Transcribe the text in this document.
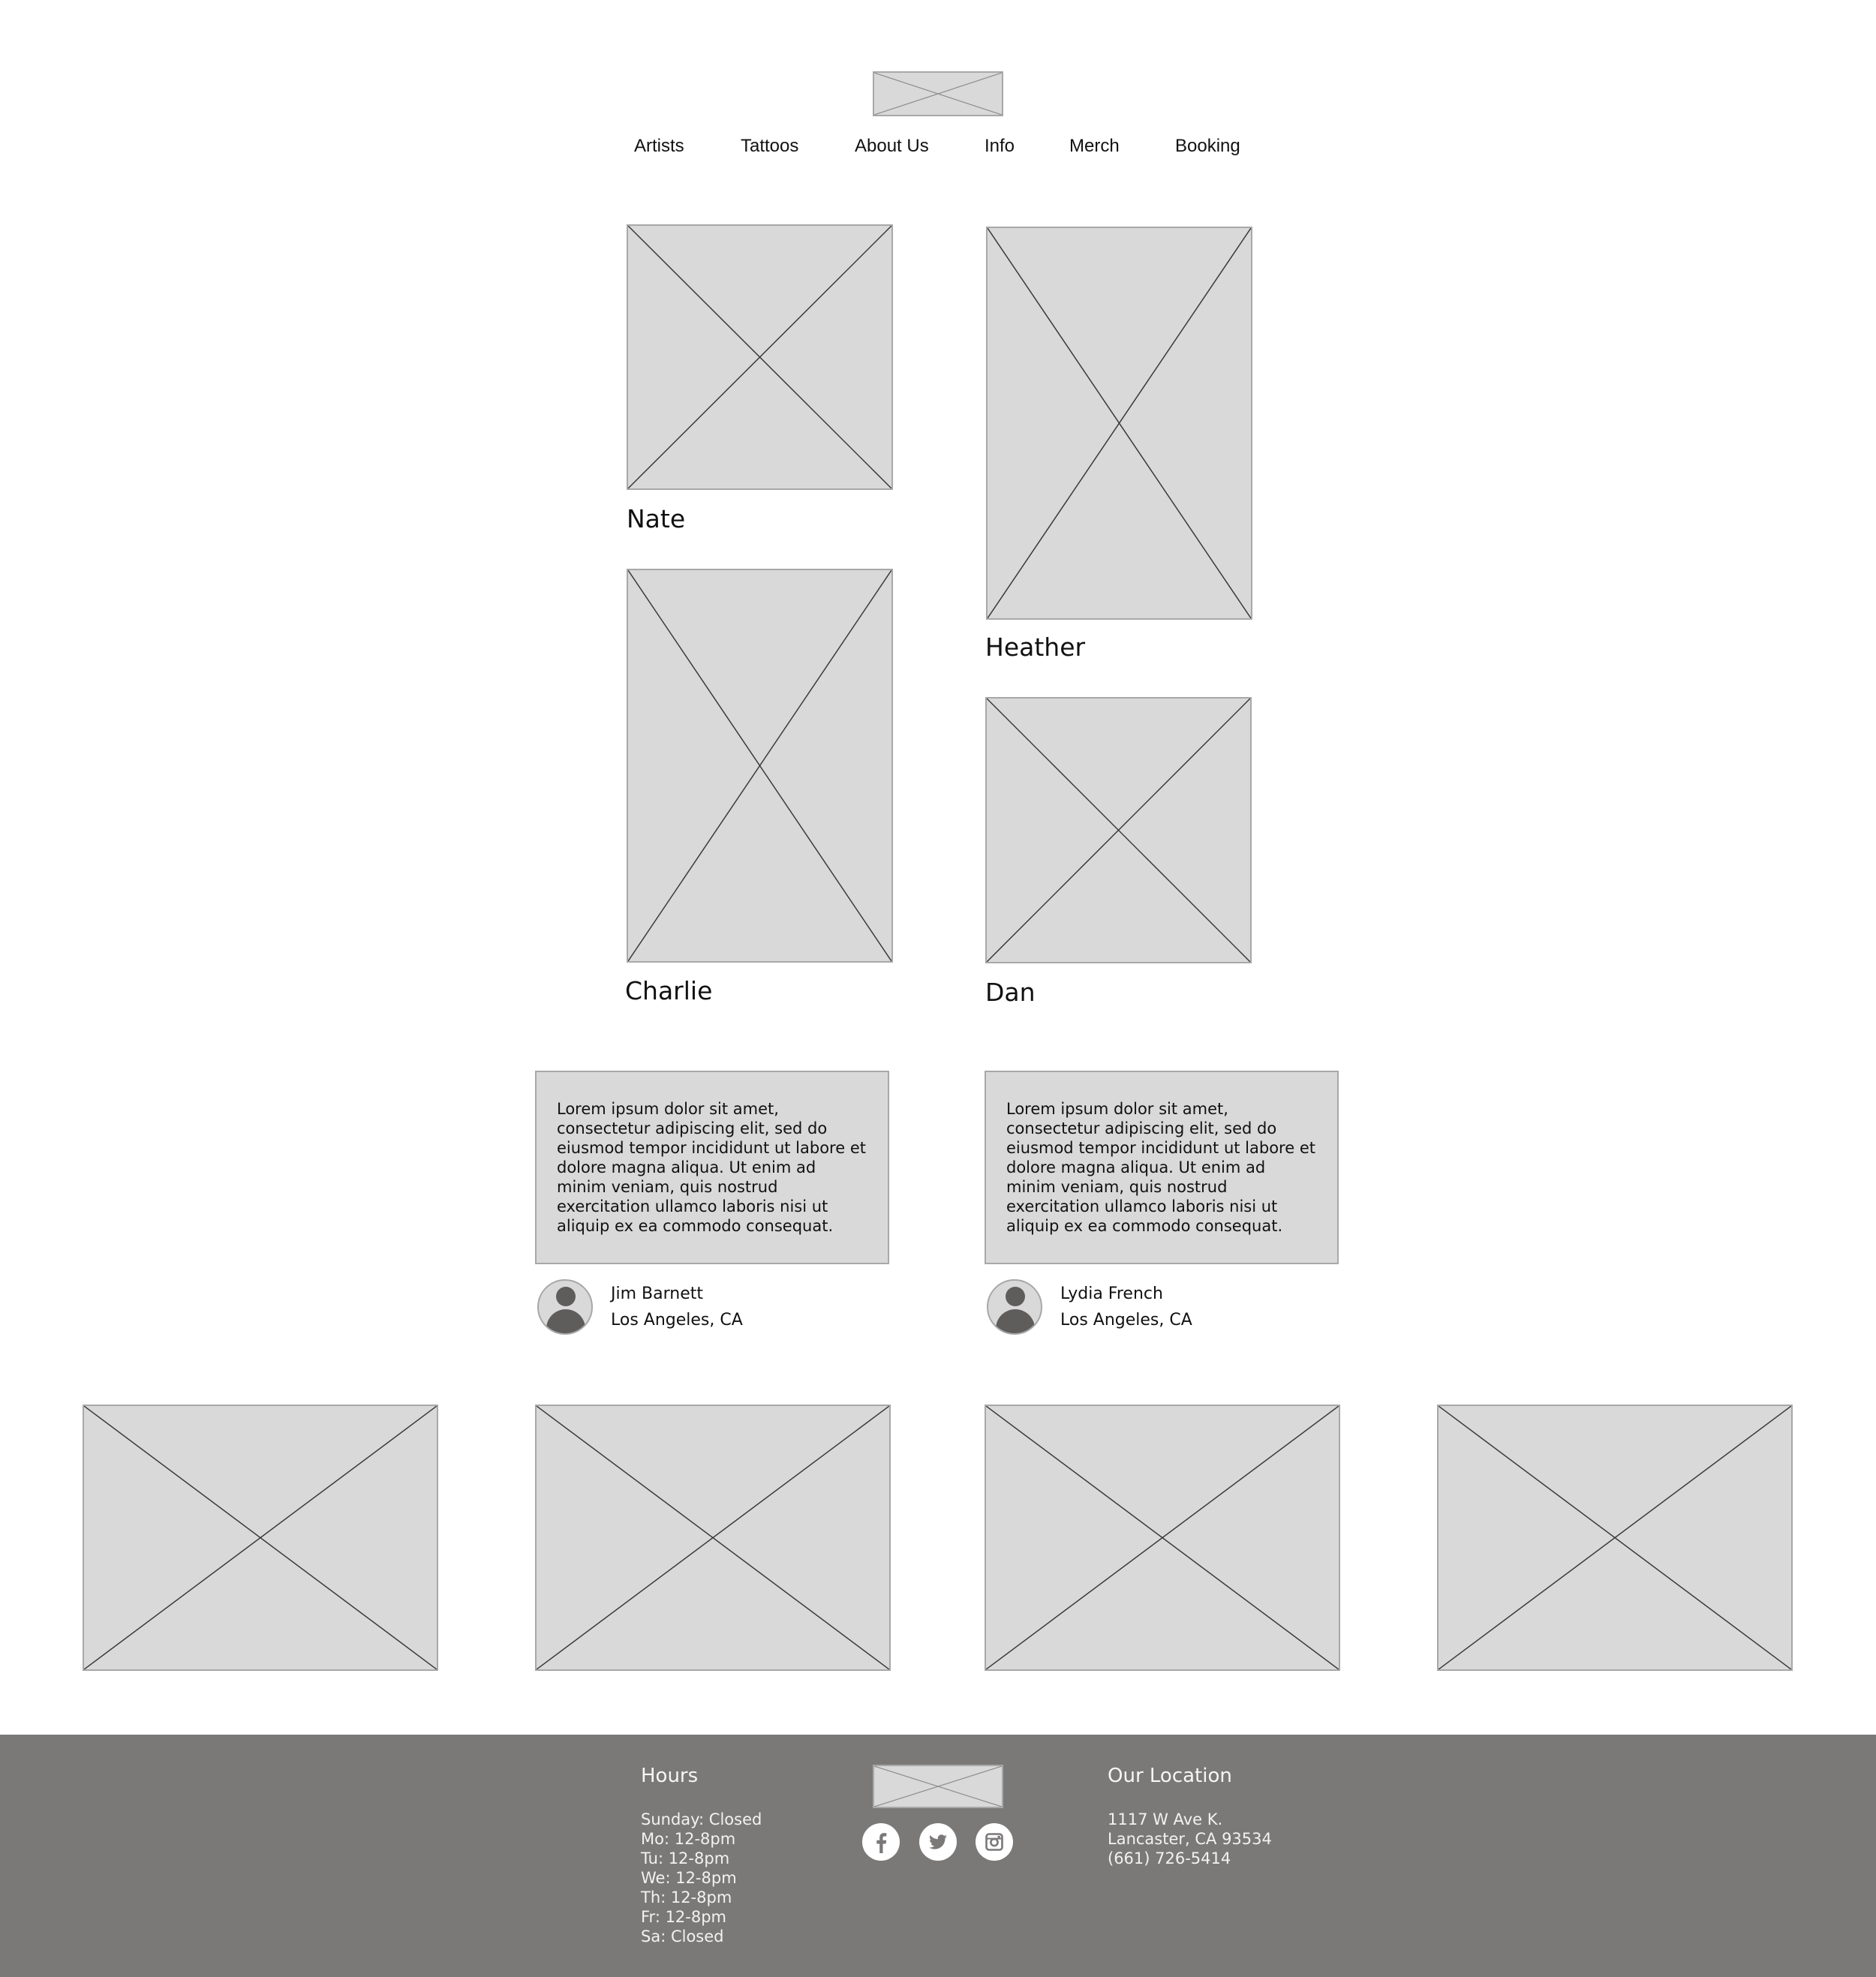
Artists	Tattoos	About Us	Info	Merch	Booking
Nate
Heather
Charlie	Dan

Lorem ipsum dolor sit amet, consectetur adipiscing elit, sed do eiusmod tempor incididunt ut labore et dolore magna aliqua. Ut enim ad minim veniam, quis nostrud exercitation ullamco laboris nisi ut aliquip ex ea commodo consequat.

Jim Barnett
Los Angeles, CA

Lorem ipsum dolor sit amet, consectetur adipiscing elit, sed do eiusmod tempor incididunt ut labore et dolore magna aliqua. Ut enim ad minim veniam, quis nostrud exercitation ullamco laboris nisi ut aliquip ex ea commodo consequat.

Lydia French
Los Angeles, CA
Hours
Sunday: Closed
Mo: 12-8pm
Tu: 12-8pm
We: 12-8pm
Th: 12-8pm
Fr: 12-8pm
Sa: Closed
Our Location
1117 W Ave K.
Lancaster, CA 93534
(661) 726-5414
